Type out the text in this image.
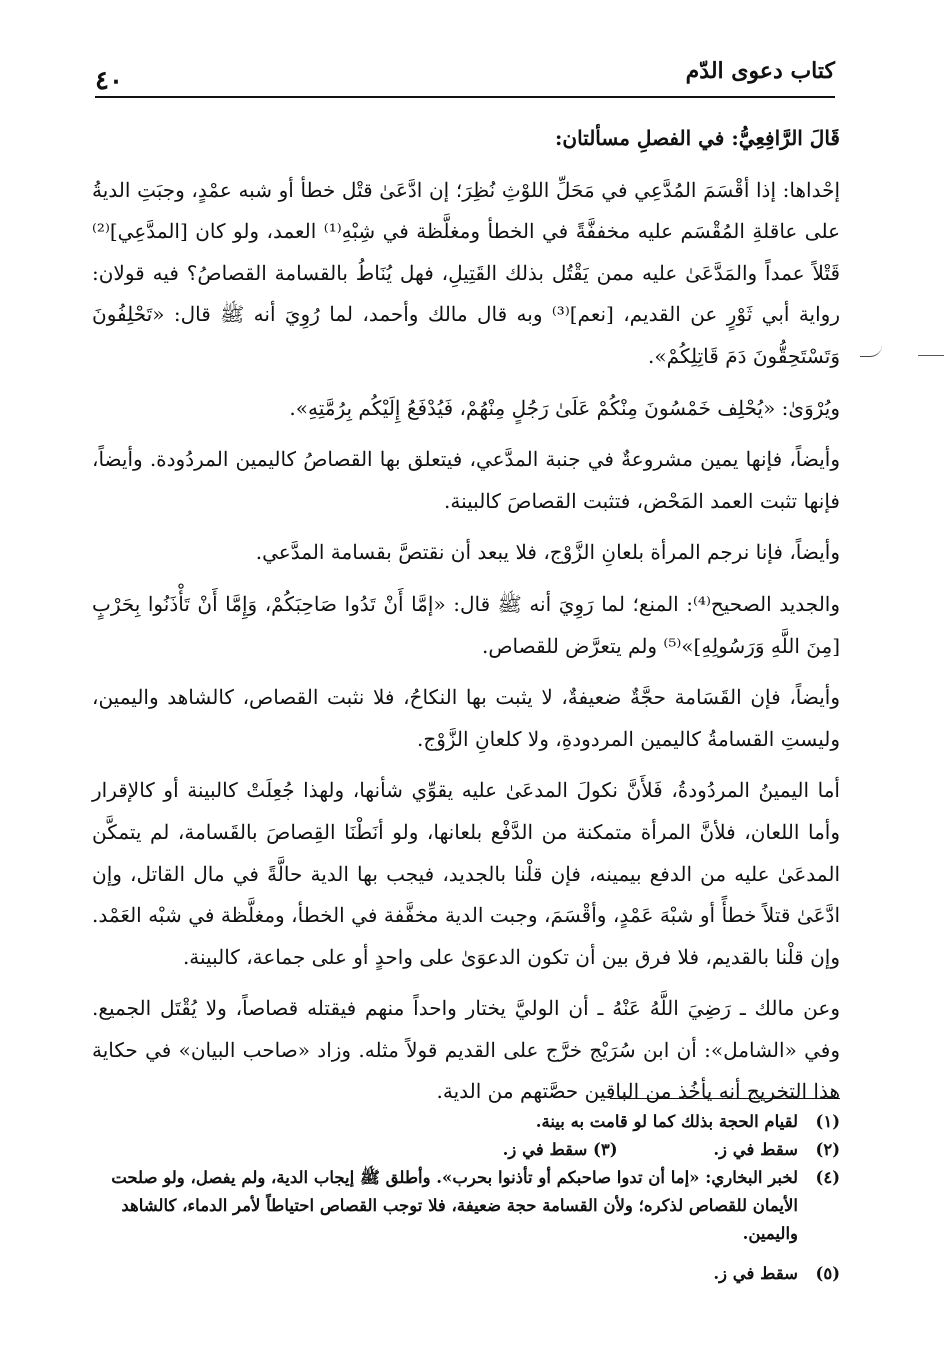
كتاب دعوى الدّم
٤٠

قَالَ الرَّافِعِيُّ: في الفصلِ مسألتان:

إحْداها: إذا أقْسَمَ المُدَّعِي في مَحَلِّ اللوْثِ نُظِرَ؛ إن ادَّعَىٰ قتْل خطأ أو شبه عمْدٍ، وجبَتِ الديةُ على عاقلةِ المُقْسَم عليه مخففَّةً في الخطأ ومغلَّظة في شِبْهِ⁽¹⁾ العمد، ولو كان [المدَّعِي]⁽²⁾ قَتْلاً عمداً والمَدَّعَىٰ عليه ممن يَقْتُل بذلك القَتِيلِ، فهل يُنَاطُ بالقسامة القصاصُ؟ فيه قولان: رواية أبي ثَوْرٍ عن القديم، [نعم]⁽³⁾ وبه قال مالك وأحمد، لما رُوِيَ أنه ﷺ قال: «تَحْلِفُونَ وَتَسْتَحِقُّونَ دَمَ قَاتِلِكُمْ».

ويُرْوَىٰ: «يُحْلِف خَمْسُونَ مِنْكُمْ عَلَىٰ رَجُلٍ مِنْهُمْ، فَيُدْفَعُ إِلَيْكُم بِرُمَّتِهِ».

وأيضاً، فإنها يمين مشروعةٌ في جنبة المدَّعي، فيتعلق بها القصاصُ كاليمين المردُودة. وأيضاً، فإنها تثبت العمد المَحْض، فتثبت القصاصَ كالبينة.

وأيضاً، فإنا نرجم المرأة بلعانِ الزَّوْج، فلا يبعد أن نقتصَّ بقسامة المدَّعي.

والجديد الصحيح⁽⁴⁾: المنع؛ لما رَوِيَ أنه ﷺ قال: «إمَّا أَنْ تَدُوا صَاحِبَكُمْ، وَإِمَّا أَنْ تَأْذَنُوا بِحَرْبٍ [مِنَ اللَّهِ وَرَسُولِهِ]»⁽⁵⁾ ولم يتعرَّض للقصاص.

وأيضاً، فإن القَسَامة حجَّةٌ ضعيفةٌ، لا يثبت بها النكاحُ، فلا نثبت القصاص، كالشاهد واليمين، وليستِ القسامةُ كاليمين المردودةِ، ولا كلعانِ الزَّوْج.

أما اليمينُ المردُودةُ، فَلأَنَّ نكولَ المدعَىٰ عليه يقوِّي شأنها، ولهذا جُعِلَتْ كالبينة أو كالإقرار وأما اللعان، فلأنَّ المرأة متمكنة من الدَّفْع بلعانها، ولو أنَطْنَا القِصاصَ بالقَسامة، لم يتمكَّن المدعَىٰ عليه من الدفع بيمينه، فإن قلْنا بالجديد، فيجب بها الدية حالَّةً في مال القاتل، وإن ادَّعَىٰ قتلاً خطأً أو شبْهَ عَمْدٍ، وأقْسَمَ، وجبت الدية مخفَّفة في الخطأ، ومغلَّظة في شبْه العَمْد. وإن قلْنا بالقديم، فلا فرق بين أن تكون الدعوَىٰ على واحدٍ أو على جماعة، كالبينة.

وعن مالك ـ رَضِيَ اللَّهُ عَنْهُ ـ أن الوليَّ يختار واحداً منهم فيقتله قصاصاً، ولا يُقْتَل الجميع. وفي «الشامل»: أن ابن سُرَيْج خرَّج على القديم قولاً مثله. وزاد «صاحب البيان» في حكاية هذا التخريج أنه يأخُذ من الباقين حصَّتهم من الدية.

(١)
لقيام الحجة بذلك كما لو قامت به بينة.
(٢)
سقط في ز. (٣) سقط في ز.
(٤)
لخبر البخاري: «إما أن تدوا صاحبكم أو تأذنوا بحرب». وأطلق ﷺ إيجاب الدية، ولم يفصل، ولو صلحت الأيمان للقصاص لذكره؛ ولأن القسامة حجة ضعيفة، فلا توجب القصاص احتياطاً لأمر الدماء، كالشاهد واليمين.
(٥)
سقط في ز.
